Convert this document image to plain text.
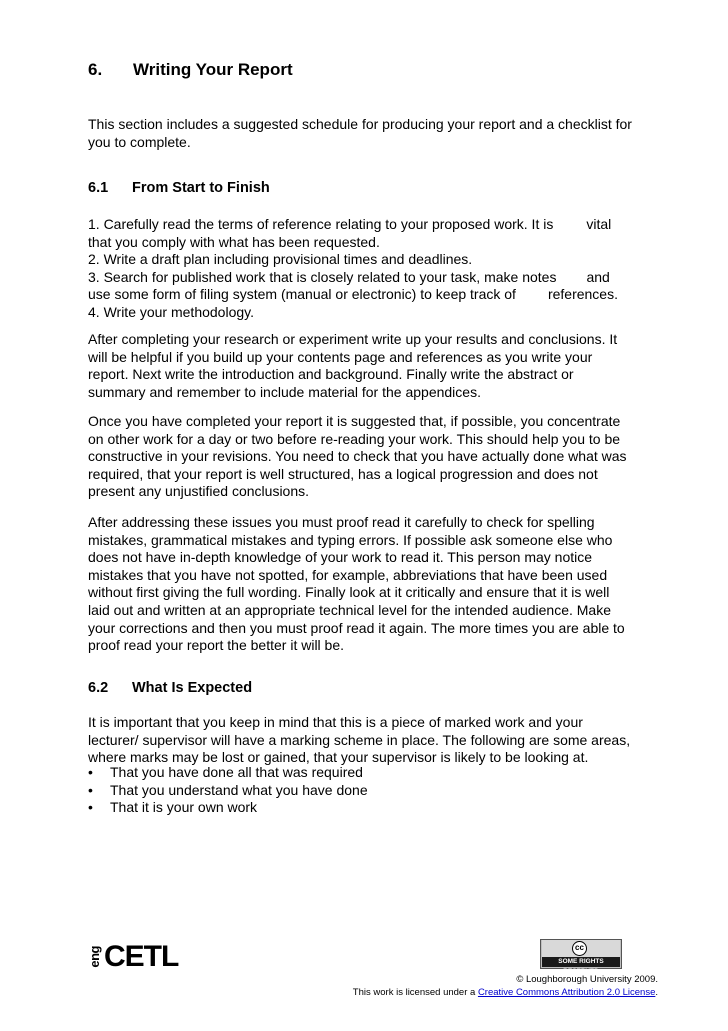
6.	Writing Your Report
This section includes a suggested schedule for producing your report and a checklist for
you to complete.
6.1	From Start to Finish
1. Carefully read the terms of reference relating to your proposed work. It is vital
that you comply with what has been requested.
2. Write a draft plan including provisional times and deadlines.
3. Search for published work that is closely related to your task, make notes and
use some form of filing system (manual or electronic) to keep track of references.
4. Write your methodology.
After completing your research or experiment write up your results and conclusions. It
will be helpful if you build up your contents page and references as you write your
report. Next write the introduction and background. Finally write the abstract or
summary and remember to include material for the appendices.
Once you have completed your report it is suggested that, if possible, you concentrate
on other work for a day or two before re-reading your work. This should help you to be
constructive in your revisions. You need to check that you have actually done what was
required, that your report is well structured, has a logical progression and does not
present any unjustified conclusions.
After addressing these issues you must proof read it carefully to check for spelling
mistakes, grammatical mistakes and typing errors. If possible ask someone else who
does not have in-depth knowledge of your work to read it. This person may notice
mistakes that you have not spotted, for example, abbreviations that have been used
without first giving the full wording. Finally look at it critically and ensure that it is well
laid out and written at an appropriate technical level for the intended audience. Make
your corrections and then you must proof read it again. The more times you are able to
proof read your report the better it will be.
6.2	What Is Expected
It is important that you keep in mind that this is a piece of marked work and your
lecturer/ supervisor will have a marking scheme in place. The following are some areas,
where marks may be lost or gained, that your supervisor is likely to be looking at.
•	That you have done all that was required
•	That you understand what you have done
•	That it is your own work
eng CETL	cc
SOME RIGHTS RESERVED
© Loughborough University 2009.
This work is licensed under a Creative Commons Attribution 2.0 License.
